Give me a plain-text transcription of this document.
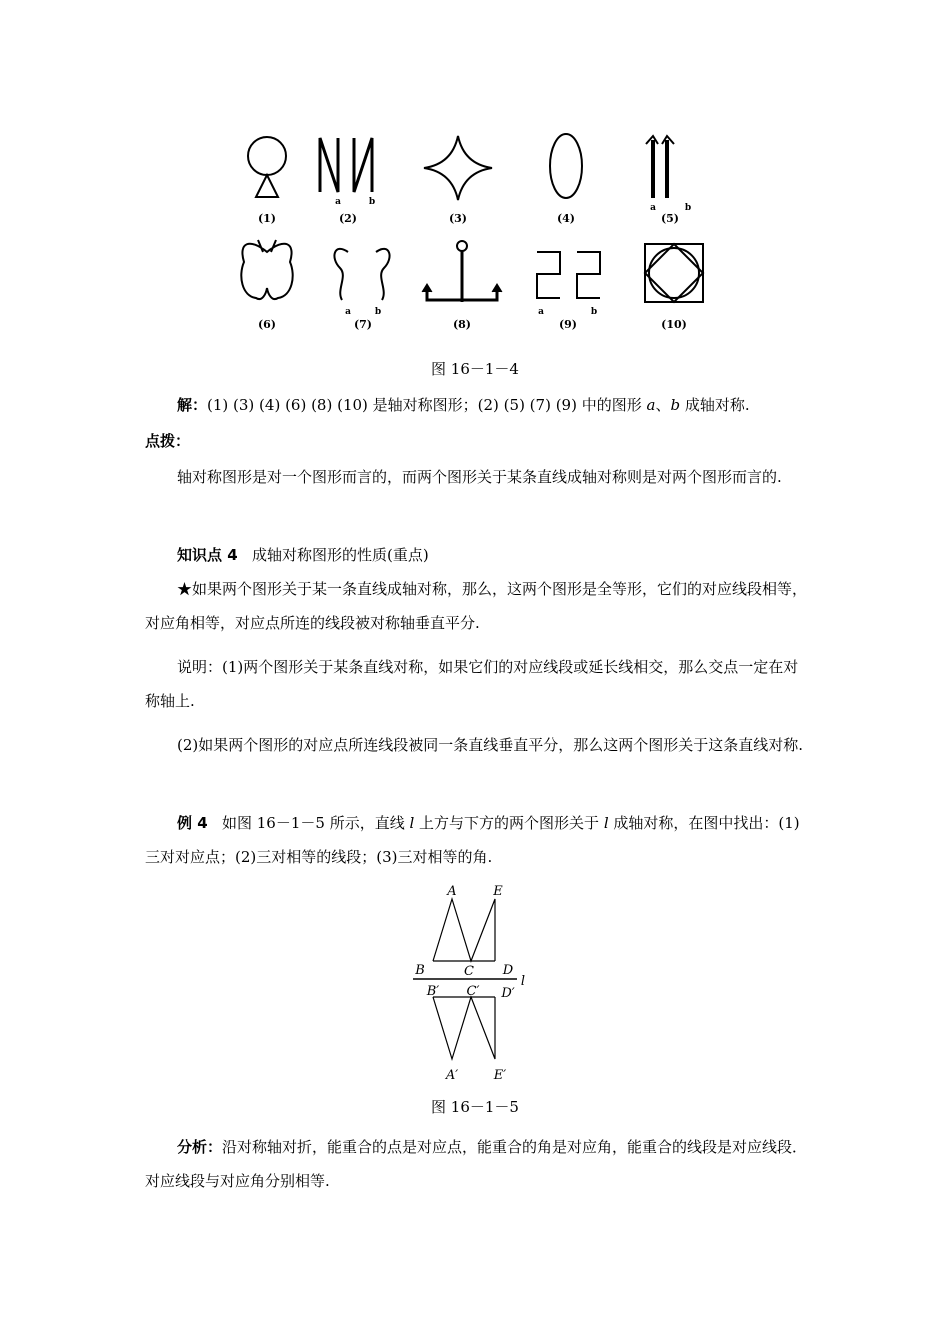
(1)	(2)	(3)	(4)	(5)
(6)	(7)	(8)	(9)	(10)
a	b
a	b
a	b	a	b
图 16－1－4

解：(1) (3) (4) (6) (8) (10) 是轴对称图形；(2) (5) (7) (9) 中的图形 a、b 成轴对称.

点拨：

轴对称图形是对一个图形而言的，而两个图形关于某条直线成轴对称则是对两个图形而言的.

知识点 4 成轴对称图形的性质(重点)

★如果两个图形关于某一条直线成轴对称，那么，这两个图形是全等形，它们的对应线段相等，对应角相等，对应点所连的线段被对称轴垂直平分.

说明：(1)两个图形关于某条直线对称，如果它们的对应线段或延长线相交，那么交点一定在对称轴上.

(2)如果两个图形的对应点所连线段被同一条直线垂直平分，那么这两个图形关于这条直线对称.

例 4 如图 16－1－5 所示，直线 l 上方与下方的两个图形关于 l 成轴对称，在图中找出：(1)三对对应点；(2)三对相等的线段；(3)三对相等的角.

A	E
B	C D
B′ C′ D′
A′	E′
l
图 16－1－5

分析：沿对称轴对折，能重合的点是对应点，能重合的角是对应角，能重合的线段是对应线段．对应线段与对应角分别相等.
